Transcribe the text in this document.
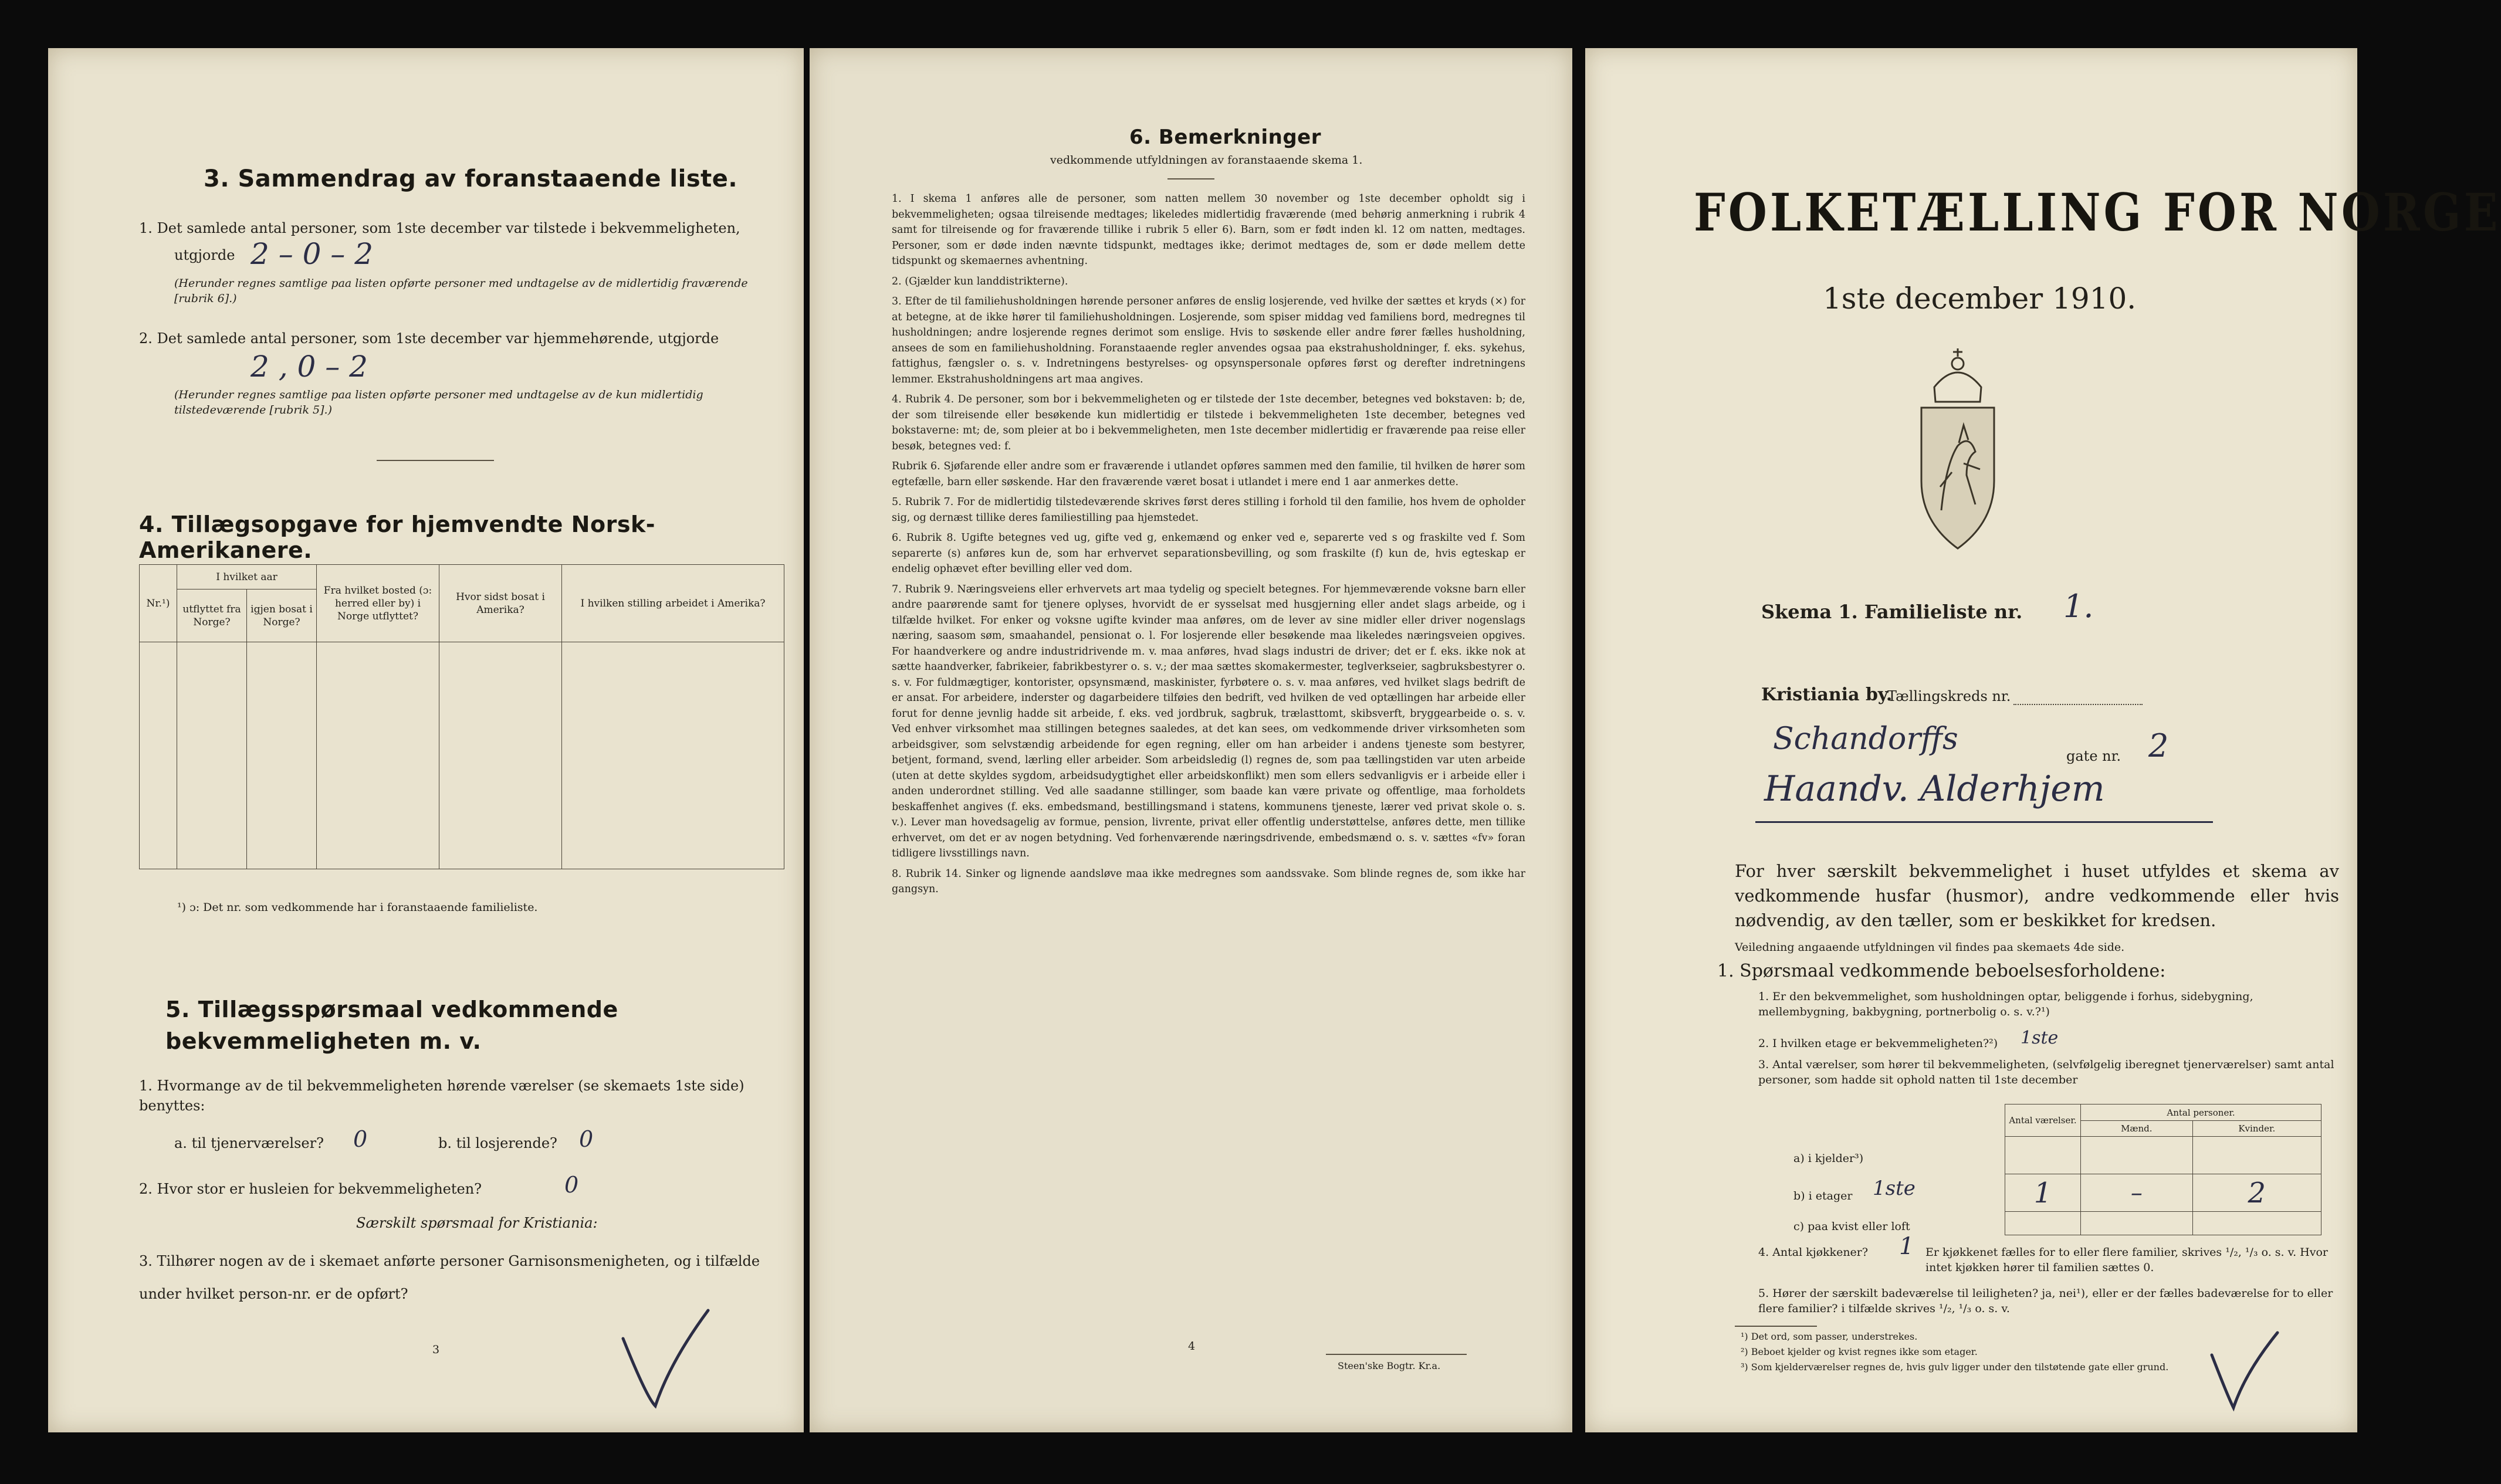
3. Sammendrag av foranstaaende liste.
1. Det samlede antal personer, som 1ste december var tilstede i bekvemmeligheten,
utgjorde 2 – 0 – 2
(Herunder regnes samtlige paa listen opførte personer med undtagelse av de midlertidig fraværende [rubrik 6].)
2. Det samlede antal personer, som 1ste december var hjemmehørende, utgjorde
2 , 0 – 2
(Herunder regnes samtlige paa listen opførte personer med undtagelse av de kun midlertidig tilstedeværende [rubrik 5].)
4. Tillægsopgave for hjemvendte Norsk-Amerikanere.
Nr.¹)	I hvilket aar		Fra hvilket bosted (ɔ: herred eller by) i Norge utflyttet?	Hvor sidst bosat i Amerika?	I hvilken stilling arbeidet i Amerika?
	utflyttet fra Norge?	igjen bosat i Norge?			

¹) ɔ: Det nr. som vedkommende har i foranstaaende familieliste.
5. Tillægsspørsmaal vedkommende bekvemmeligheten m. v.
1. Hvormange av de til bekvemmeligheten hørende værelser (se skemaets 1ste side) benyttes:
a. til tjenerværelser? 0	b. til losjerende? 0
2. Hvor stor er husleien for bekvemmeligheten?	0
Særskilt spørsmaal for Kristiania:
3. Tilhører nogen av de i skemaet anførte personer Garnisonsmenigheten, og i tilfælde under hvilket person-nr. er de opført?
3
6. Bemerkninger
vedkommende utfyldningen av foranstaaende skema 1.

1. I skema 1 anføres alle de personer, som natten mellem 30 november og 1ste december opholdt sig i bekvemmeligheten; ogsaa tilreisende medtages; likeledes midlertidig fraværende (med behørig anmerkning i rubrik 4 samt for tilreisende og for fraværende tillike i rubrik 5 eller 6). Barn, som er født inden kl. 12 om natten, medtages. Personer, som er døde inden nævnte tidspunkt, medtages ikke; derimot medtages de, som er døde mellem dette tidspunkt og skemaernes avhentning.

2. (Gjælder kun landdistrikterne).

3. Efter de til familiehusholdningen hørende personer anføres de enslig losjerende, ved hvilke der sættes et kryds (×) for at betegne, at de ikke hører til familiehusholdningen. Losjerende, som spiser middag ved familiens bord, medregnes til husholdningen; andre losjerende regnes derimot som enslige. Hvis to søskende eller andre fører fælles husholdning, ansees de som en familiehusholdning. Foranstaaende regler anvendes ogsaa paa ekstrahusholdninger, f. eks. sykehus, fattighus, fængsler o. s. v. Indretningens bestyrelses- og opsynspersonale opføres først og derefter indretningens lemmer. Ekstrahusholdningens art maa angives.

4. Rubrik 4. De personer, som bor i bekvemmeligheten og er tilstede der 1ste december, betegnes ved bokstaven: b; de, der som tilreisende eller besøkende kun midlertidig er tilstede i bekvemmeligheten 1ste december, betegnes ved bokstaverne: mt; de, som pleier at bo i bekvemmeligheten, men 1ste december midlertidig er fraværende paa reise eller besøk, betegnes ved: f.

Rubrik 6. Sjøfarende eller andre som er fraværende i utlandet opføres sammen med den familie, til hvilken de hører som egtefælle, barn eller søskende. Har den fraværende været bosat i utlandet i mere end 1 aar anmerkes dette.

5. Rubrik 7. For de midlertidig tilstedeværende skrives først deres stilling i forhold til den familie, hos hvem de opholder sig, og dernæst tillike deres familiestilling paa hjemstedet.

6. Rubrik 8. Ugifte betegnes ved ug, gifte ved g, enkemænd og enker ved e, separerte ved s og fraskilte ved f. Som separerte (s) anføres kun de, som har erhvervet separationsbevilling, og som fraskilte (f) kun de, hvis egteskap er endelig ophævet efter bevilling eller ved dom.

7. Rubrik 9. Næringsveiens eller erhvervets art maa tydelig og specielt betegnes. For hjemmeværende voksne barn eller andre paarørende samt for tjenere oplyses, hvorvidt de er sysselsat med husgjerning eller andet slags arbeide, og i tilfælde hvilket. For enker og voksne ugifte kvinder maa anføres, om de lever av sine midler eller driver nogenslags næring, saasom søm, smaahandel, pensionat o. l. For losjerende eller besøkende maa likeledes næringsveien opgives. For haandverkere og andre industridrivende m. v. maa anføres, hvad slags industri de driver; det er f. eks. ikke nok at sætte haandverker, fabrikeier, fabrikbestyrer o. s. v.; der maa sættes skomakermester, teglverkseier, sagbruksbestyrer o. s. v. For fuldmægtiger, kontorister, opsynsmænd, maskinister, fyrbøtere o. s. v. maa anføres, ved hvilket slags bedrift de er ansat. For arbeidere, inderster og dagarbeidere tilføies den bedrift, ved hvilken de ved optællingen har arbeide eller forut for denne jevnlig hadde sit arbeide, f. eks. ved jordbruk, sagbruk, trælasttomt, skibsverft, bryggearbeide o. s. v. Ved enhver virksomhet maa stillingen betegnes saaledes, at det kan sees, om vedkommende driver virksomheten som arbeidsgiver, som selvstændig arbeidende for egen regning, eller om han arbeider i andens tjeneste som bestyrer, betjent, formand, svend, lærling eller arbeider. Som arbeidsledig (l) regnes de, som paa tællingstiden var uten arbeide (uten at dette skyldes sygdom, arbeidsudygtighet eller arbeidskonflikt) men som ellers sedvanligvis er i arbeide eller i anden underordnet stilling. Ved alle saadanne stillinger, som baade kan være private og offentlige, maa forholdets beskaffenhet angives (f. eks. embedsmand, bestillingsmand i statens, kommunens tjeneste, lærer ved privat skole o. s. v.). Lever man hovedsagelig av formue, pension, livrente, privat eller offentlig understøttelse, anføres dette, men tillike erhvervet, om det er av nogen betydning. Ved forhenværende næringsdrivende, embedsmænd o. s. v. sættes «fv» foran tidligere livsstillings navn.

8. Rubrik 14. Sinker og lignende aandsløve maa ikke medregnes som aandssvake. Som blinde regnes de, som ikke har gangsyn.

4
Steen'ske Bogtr. Kr.a.
FOLKETÆLLING FOR NORGE
1ste december 1910.
Skema 1. Familieliste nr. 1.
Kristiania by.
Tællingskreds nr.
Schandorffs	gate nr. 2
Haandv. Alderhjem
For hver særskilt bekvemmelighet i huset utfyldes et skema av vedkommende husfar (husmor), andre vedkommende eller hvis nødvendig, av den tæller, som er beskikket for kredsen.
Veiledning angaaende utfyldningen vil findes paa skemaets 4de side.
1. Spørsmaal vedkommende beboelsesforholdene:
1. Er den bekvemmelighet, som husholdningen optar, beliggende i forhus, sidebygning, mellembygning, bakbygning, portnerbolig o. s. v.?¹)
2. I hvilken etage er bekvemmeligheten?²) 1ste
3. Antal værelser, som hører til bekvemmeligheten, (selvfølgelig iberegnet tjenerværelser) samt antal personer, som hadde sit ophold natten til 1ste december
Antal værelser.	Antal personer.	
	Mænd.	Kvinder.

1	–	2

a) i kjelder³)
b) i etager 1ste
c) paa kvist eller loft
4. Antal kjøkkener? 1 Er kjøkkenet fælles for to eller flere familier, skrives ¹/₂, ¹/₃ o. s. v. Hvor intet kjøkken hører til familien sættes 0.
5. Hører der særskilt badeværelse til leiligheten? ja, nei¹), eller er der fælles badeværelse for to eller flere familier? i tilfælde skrives ¹/₂, ¹/₃ o. s. v.
¹) Det ord, som passer, understrekes.
²) Beboet kjelder og kvist regnes ikke som etager.
³) Som kjelderværelser regnes de, hvis gulv ligger under den tilstøtende gate eller grund.
